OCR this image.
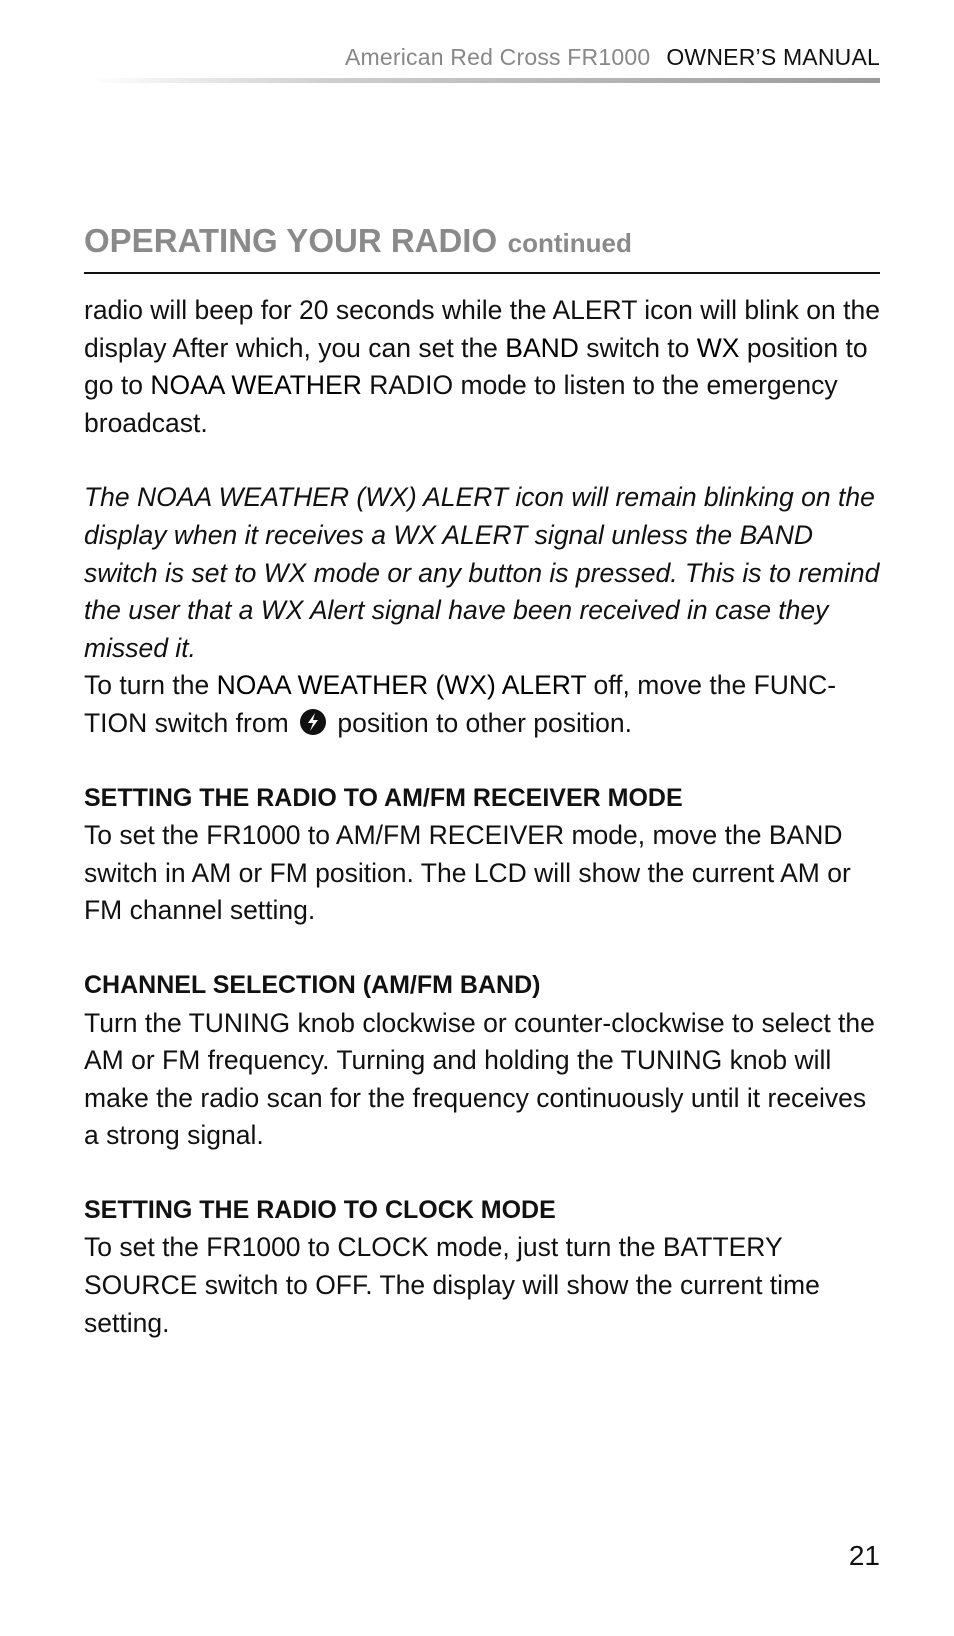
American Red Cross FR1000 OWNER’S MANUAL
OPERATING YOUR RADIO continued

radio will beep for 20 seconds while the ALERT icon will blink on the display After which, you can set the BAND switch to WX position to go to NOAA WEATHER RADIO mode to listen to the emergency broadcast.

The NOAA WEATHER (WX) ALERT icon will remain blinking on the display when it receives a WX ALERT signal unless the BAND switch is set to WX mode or any button is pressed. This is to remind the user that a WX Alert signal have been received in case they missed it.

To turn the NOAA WEATHER (WX) ALERT off, move the FUNC-TION switch from
position to other position.

SETTING THE RADIO TO AM/FM RECEIVER MODE

To set the FR1000 to AM/FM RECEIVER mode, move the BAND switch in AM or FM position. The LCD will show the current AM or FM channel setting.

CHANNEL SELECTION (AM/FM BAND)

Turn the TUNING knob clockwise or counter-clockwise to select the AM or FM frequency. Turning and holding the TUNING knob will make the radio scan for the frequency continuously until it receives a strong signal.

SETTING THE RADIO TO CLOCK MODE

To set the FR1000 to CLOCK mode, just turn the BATTERY SOURCE switch to OFF. The display will show the current time setting.

21
